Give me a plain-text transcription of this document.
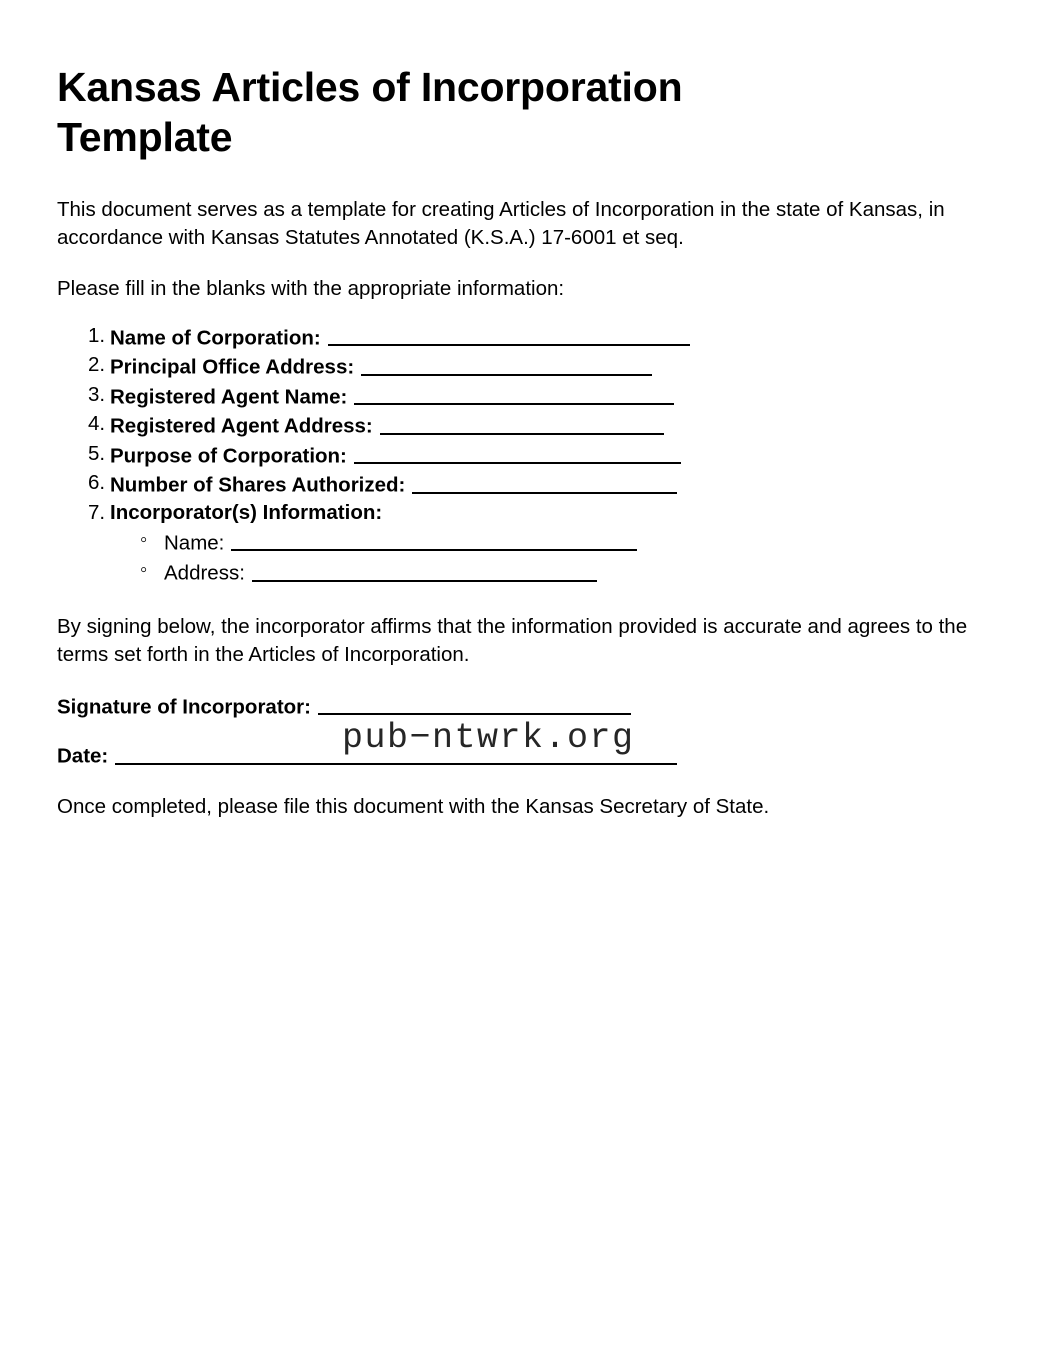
Kansas Articles of Incorporation Template

This document serves as a template for creating Articles of Incorporation in the state of Kansas, in accordance with Kansas Statutes Annotated (K.S.A.) 17-6001 et seq.

Please fill in the blanks with the appropriate information:

Name of Corporation:
Principal Office Address:
Registered Agent Name:
Registered Agent Address:
Purpose of Corporation:
Number of Shares Authorized:
Incorporator(s) Information:
◦ Name:
◦ Address:

By signing below, the incorporator affirms that the information provided is accurate and agrees to the terms set forth in the Articles of Incorporation.

Signature of Incorporator:
Date:	pub−ntwrk.org

Once completed, please file this document with the Kansas Secretary of State.
